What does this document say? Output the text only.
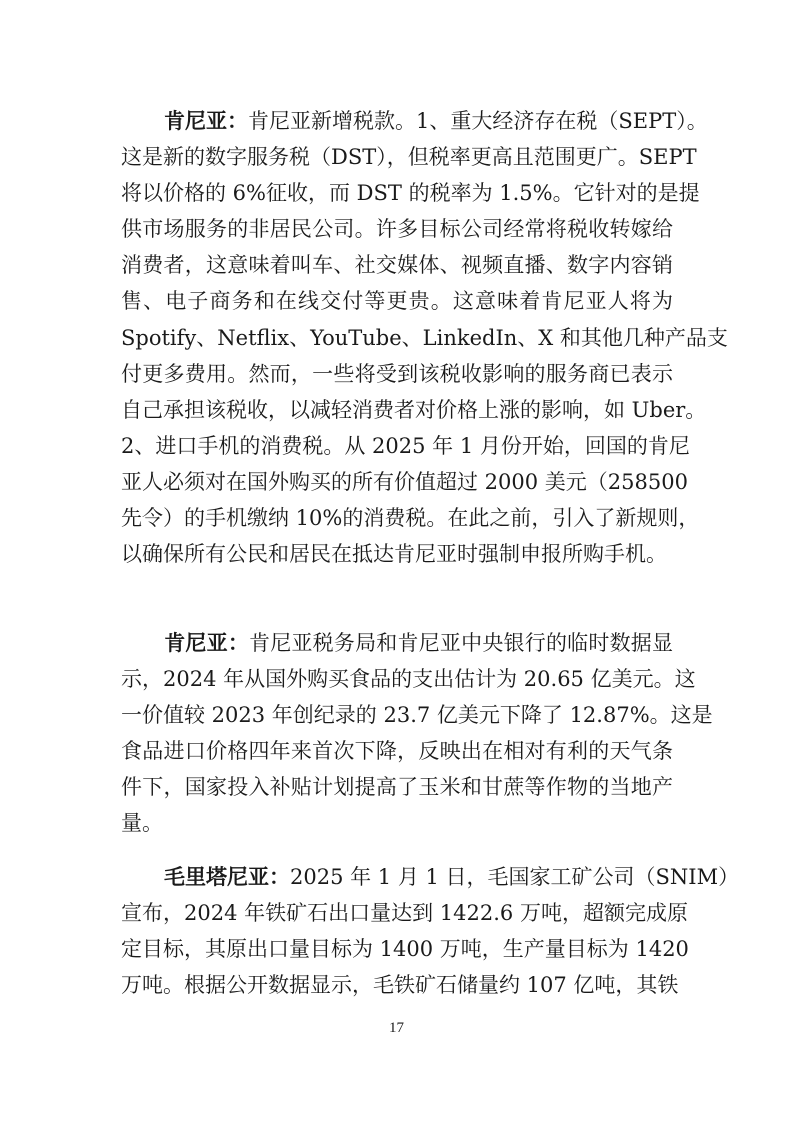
肯尼亚：肯尼亚新增税款。1、重大经济存在税（SEPT）。
这是新的数字服务税（DST），但税率更高且范围更广。SEPT
将以价格的 6%征收，而 DST 的税率为 1.5%。它针对的是提
供市场服务的非居民公司。许多目标公司经常将税收转嫁给
消费者，这意味着叫车、社交媒体、视频直播、数字内容销
售、电子商务和在线交付等更贵。这意味着肯尼亚人将为
Spotify、Netflix、YouTube、LinkedIn、X 和其他几种产品支
付更多费用。然而，一些将受到该税收影响的服务商已表示
自己承担该税收，以减轻消费者对价格上涨的影响，如 Uber。
2、进口手机的消费税。从 2025 年 1 月份开始，回国的肯尼
亚人必须对在国外购买的所有价值超过 2000 美元（258500
先令）的手机缴纳 10%的消费税。在此之前，引入了新规则，
以确保所有公民和居民在抵达肯尼亚时强制申报所购手机。
肯尼亚：肯尼亚税务局和肯尼亚中央银行的临时数据显
示，2024 年从国外购买食品的支出估计为 20.65 亿美元。这
一价值较 2023 年创纪录的 23.7 亿美元下降了 12.87%。这是
食品进口价格四年来首次下降，反映出在相对有利的天气条
件下，国家投入补贴计划提高了玉米和甘蔗等作物的当地产
量。
毛里塔尼亚：2025 年 1 月 1 日，毛国家工矿公司（SNIM）
宣布，2024 年铁矿石出口量达到 1422.6 万吨，超额完成原
定目标，其原出口量目标为 1400 万吨，生产量目标为 1420
万吨。根据公开数据显示，毛铁矿石储量约 107 亿吨，其铁
17
